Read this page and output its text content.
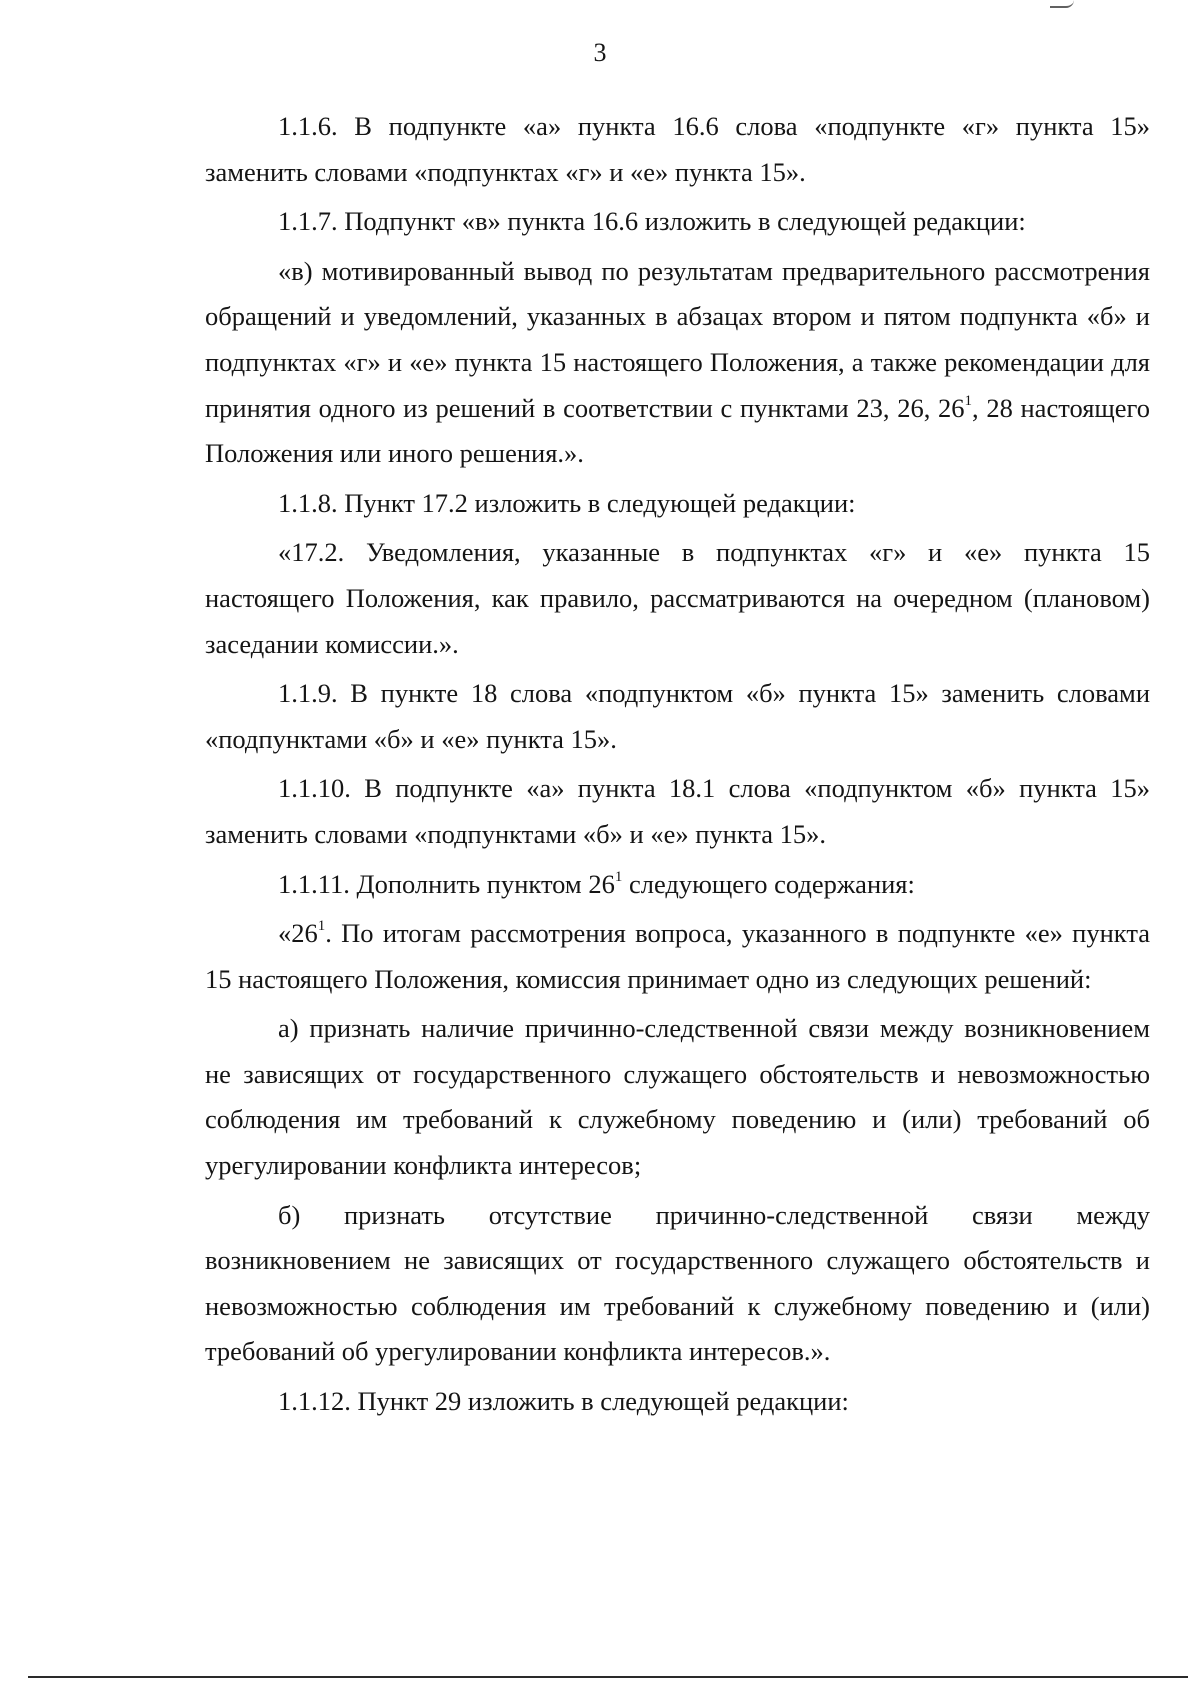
3

1.1.6. В подпункте «а» пункта 16.6 слова «подпункте «г» пункта 15» заменить словами «подпунктах «г» и «е» пункта 15».

1.1.7. Подпункт «в» пункта 16.6 изложить в следующей редакции:

«в) мотивированный вывод по результатам предварительного рассмотрения обращений и уведомлений, указанных в абзацах втором и пятом подпункта «б» и подпунктах «г» и «е» пункта 15 настоящего Положения, а также рекомендации для принятия одного из решений в соответствии с пунктами 23, 26, $26^1$, 28 настоящего Положения или иного решения.».

1.1.8. Пункт 17.2 изложить в следующей редакции:

«17.2. Уведомления, указанные в подпунктах «г» и «е» пункта 15 настоящего Положения, как правило, рассматриваются на очередном (плановом) заседании комиссии.».

1.1.9. В пункте 18 слова «подпунктом «б» пункта 15» заменить словами «подпунктами «б» и «е» пункта 15».

1.1.10. В подпункте «а» пункта 18.1 слова «подпунктом «б» пункта 15» заменить словами «подпунктами «б» и «е» пункта 15».

1.1.11. Дополнить пунктом $26^1$ следующего содержания:

«$26^1$. По итогам рассмотрения вопроса, указанного в подпункте «е» пункта 15 настоящего Положения, комиссия принимает одно из следующих решений:

а) признать наличие причинно-следственной связи между возникновением не зависящих от государственного служащего обстоятельств и невозможностью соблюдения им требований к служебному поведению и (или) требований об урегулировании конфликта интересов;

б) признать отсутствие причинно-следственной связи между возникновением не зависящих от государственного служащего обстоятельств и невозможностью соблюдения им требований к служебному поведению и (или) требований об урегулировании конфликта интересов.».

1.1.12. Пункт 29 изложить в следующей редакции:
